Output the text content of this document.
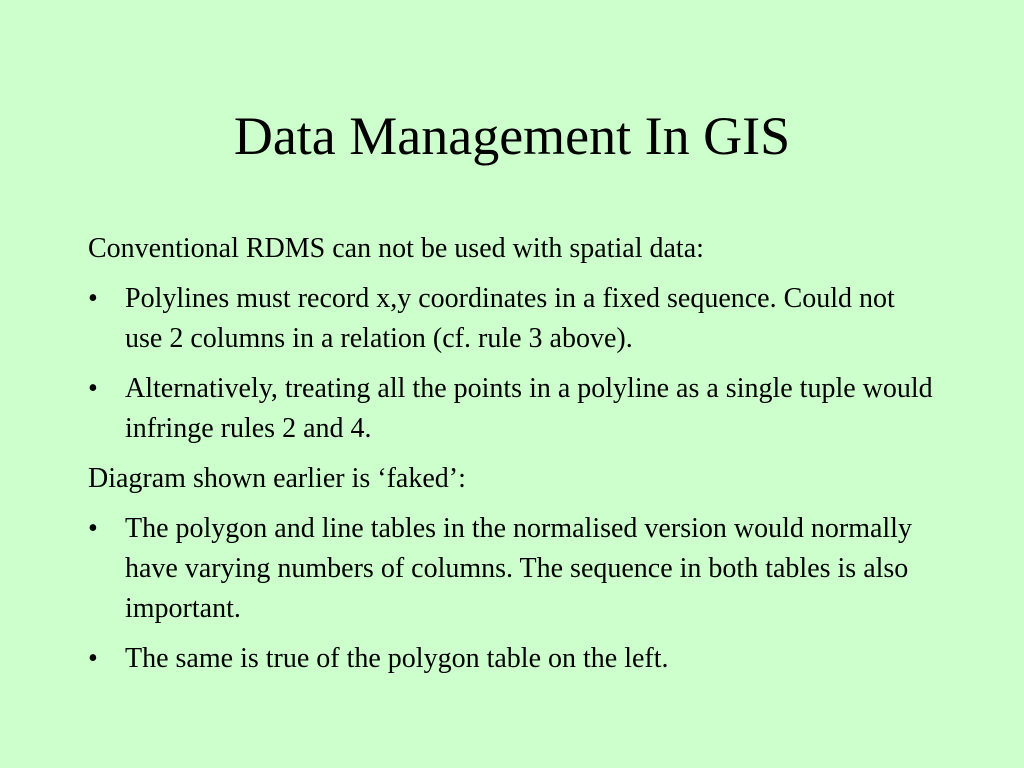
Data Management In GIS

Conventional RDMS can not be used with spatial data:

• Polylines must record x,y coordinates in a fixed sequence. Could not use 2 columns in a relation (cf. rule 3 above).
• Alternatively, treating all the points in a polyline as a single tuple would infringe rules 2 and 4.

Diagram shown earlier is ‘faked’:

• The polygon and line tables in the normalised version would normally have varying numbers of columns. The sequence in both tables is also important.
• The same is true of the polygon table on the left.
